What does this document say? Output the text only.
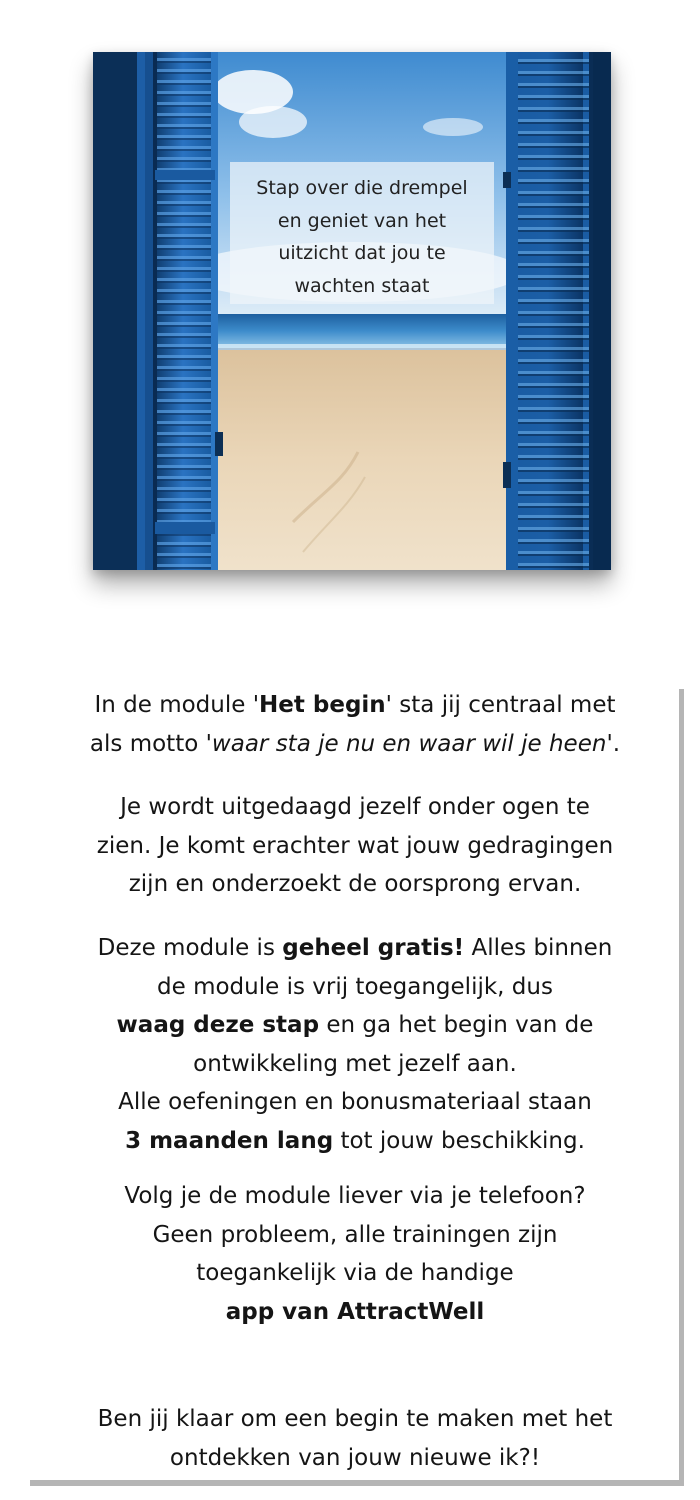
Stap over die drempel
en geniet van het
uitzicht dat jou te
wachten staat

In de module 'Het begin' sta jij centraal met
als motto 'waar sta je nu en waar wil je heen'.

Je wordt uitgedaagd jezelf onder ogen te
zien. Je komt erachter wat jouw gedragingen
zijn en onderzoekt de oorsprong ervan.

Deze module is geheel gratis! Alles binnen
de module is vrij toegangelijk, dus
waag deze stap en ga het begin van de
ontwikkeling met jezelf aan.
Alle oefeningen en bonusmateriaal staan
3 maanden lang tot jouw beschikking.

Volg je de module liever via je telefoon?
Geen probleem, alle trainingen zijn
toegankelijk via de handige
app van AttractWell

Ben jij klaar om een begin te maken met het
ontdekken van jouw nieuwe ik?!
